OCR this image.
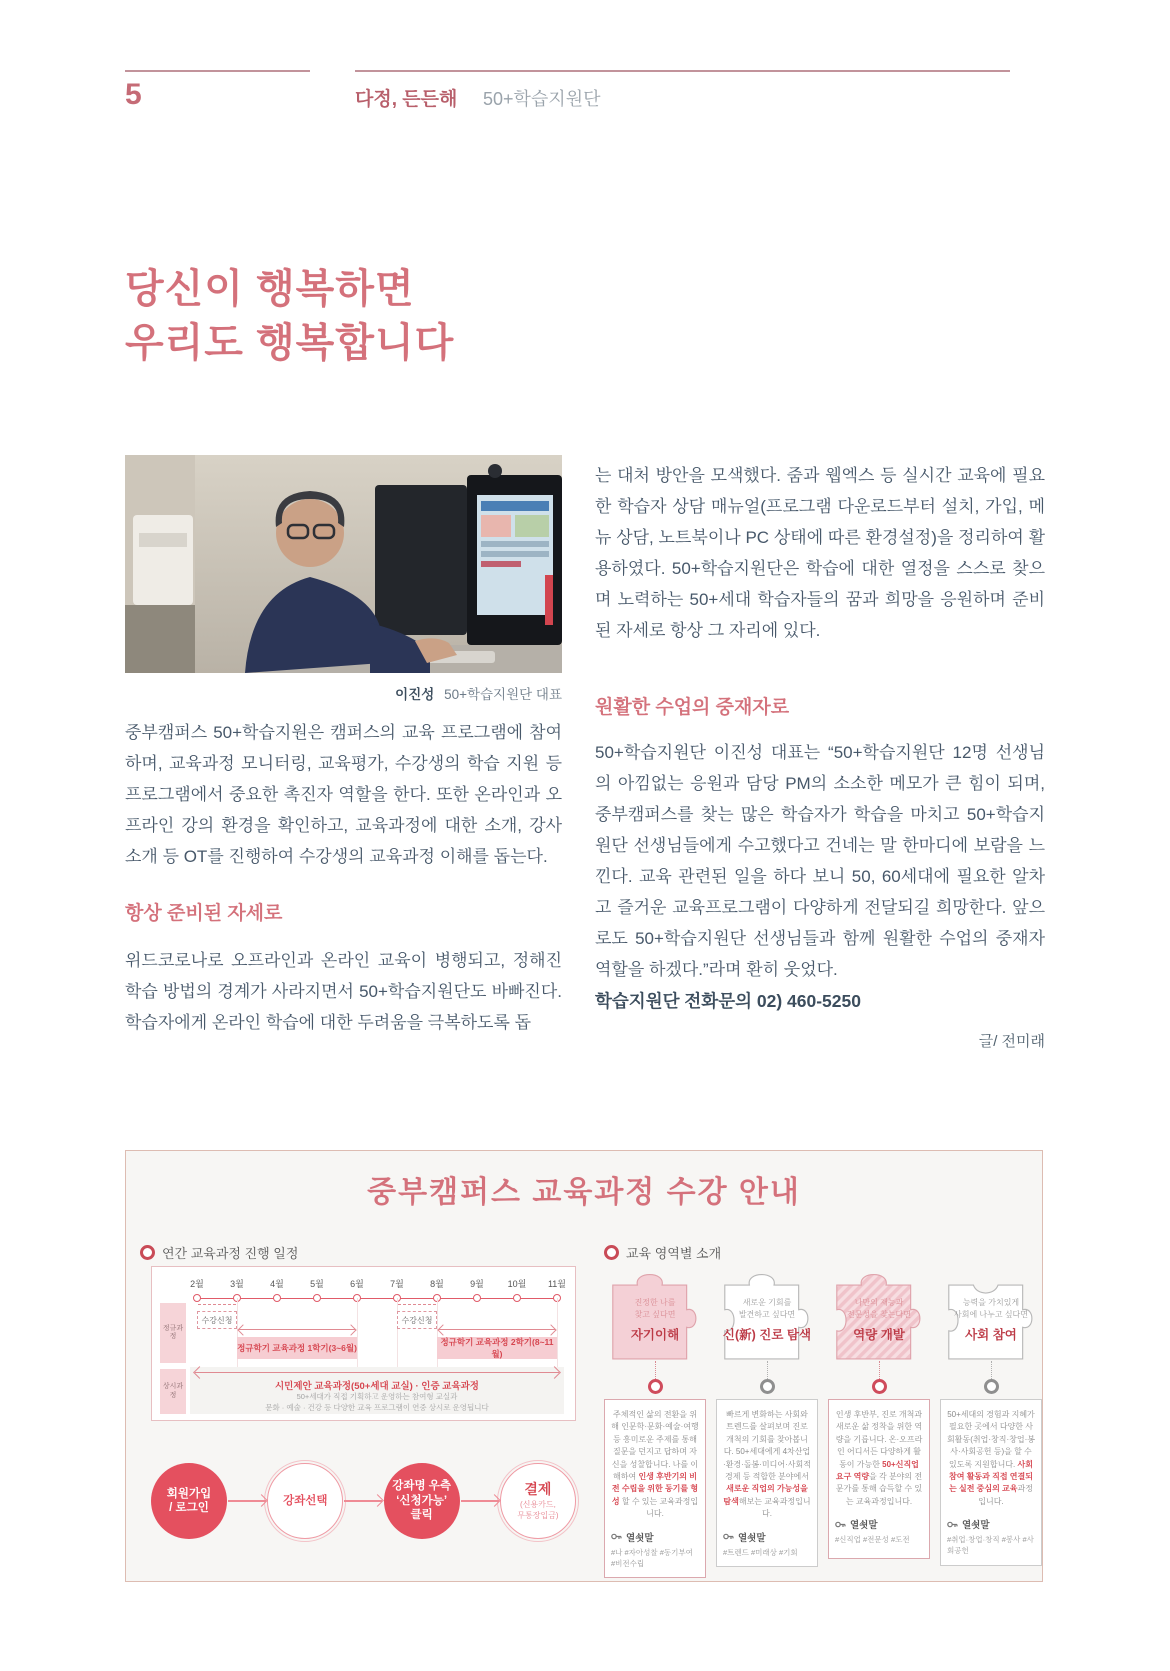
5	다정, 든든해 50+학습지원단
당신이 행복하면
우리도 행복합니다
이진성 50+학습지원단 대표

중부캠퍼스 50+학습지원은 캠퍼스의 교육 프로그램에 참여하며, 교육과정 모니터링, 교육평가, 수강생의 학습 지원 등 프로그램에서 중요한 촉진자 역할을 한다. 또한 온라인과 오프라인 강의 환경을 확인하고, 교육과정에 대한 소개, 강사 소개 등 OT를 진행하여 수강생의 교육과정 이해를 돕는다.

항상 준비된 자세로

위드코로나로 오프라인과 온라인 교육이 병행되고, 정해진 학습 방법의 경계가 사라지면서 50+학습지원단도 바빠진다. 학습자에게 온라인 학습에 대한 두려움을 극복하도록 돕

는 대처 방안을 모색했다. 줌과 웹엑스 등 실시간 교육에 필요한 학습자 상담 매뉴얼(프로그램 다운로드부터 설치, 가입, 메뉴 상담, 노트북이나 PC 상태에 따른 환경설정)을 정리하여 활용하였다. 50+학습지원단은 학습에 대한 열정을 스스로 찾으며 노력하는 50+세대 학습자들의 꿈과 희망을 응원하며 준비된 자세로 항상 그 자리에 있다.

원활한 수업의 중재자로

50+학습지원단 이진성 대표는 “50+학습지원단 12명 선생님의 아낌없는 응원과 담당 PM의 소소한 메모가 큰 힘이 되며, 중부캠퍼스를 찾는 많은 학습자가 학습을 마치고 50+학습지원단 선생님들에게 수고했다고 건네는 말 한마디에 보람을 느낀다. 교육 관련된 일을 하다 보니 50, 60세대에 필요한 알차고 즐거운 교육프로그램이 다양하게 전달되길 희망한다. 앞으로도 50+학습지원단 선생님들과 함께 원활한 수업의 중재자 역할을 하겠다.”라며 환히 웃었다.

학습지원단 전화문의 02) 460-5250
글/ 전미래
중부캠퍼스 교육과정 수강 안내
연간 교육과정 진행 일정	교육 영역별 소개
2월	3월	4월	5월	6월	7월	8월	9월	10월	11월
정규과정
상시과정
수강신청
정규학기 교육과정 1학기(3~6월)
수강신청
정규학기 교육과정 2학기(8~11월)
시민제안 교육과정(50+세대 교실) · 인증 교육과정
50+세대가 직접 기획하고 운영하는 참여형 교실과
문화 · 예술 · 건강 등 다양한 교육 프로그램이 연중 상시로 운영됩니다
회원가입
/ 로그인
강좌선택
강좌명 우측
‘신청가능’
클릭
결제
(신용카드,
무통장입금)
진정한 나를
찾고 싶다면
자기이해

주체적인 삶의 전환을 위해 인문학·문화·예술·여행 등 흥미로운 주제를 통해 질문을 던지고 답하며 자신을 성찰합니다. 나를 이해하여 인생 후반기의 비전 수립을 위한 동기를 형성 할 수 있는 교육과정입니다.

열쇳말
#나 #자아성찰 #동기부여 #비전수립
새로운 기회를
발견하고 싶다면
신(新) 진로 탐색

빠르게 변화하는 사회와 트렌드를 살펴보며 진로 개척의 기회를 찾아봅니다. 50+세대에게 4차산업·환경·돌봄·미디어·사회적경제 등 적합한 분야에서 새로운 직업의 가능성을 탐색해보는 교육과정입니다.

열쇳말
#트렌드 #미래상 #기회
나만의 재능과
전문성을 찾는다면
역량 개발

인생 후반부, 진로 개척과 새로운 삶 정착을 위한 역량을 기릅니다. 온·오프라인 어디서든 다양하게 활동이 가능한 50+신직업 요구 역량을 각 분야의 전문가를 통해 습득할 수 있는 교육과정입니다.

열쇳말
#신직업 #전문성 #도전
능력을 가치있게
사회에 나누고 싶다면
사회 참여

50+세대의 경험과 지혜가 필요한 곳에서 다양한 사회활동(취업·창직·창업·봉사·사회공헌 등)을 할 수 있도록 지원합니다. 사회참여 활동과 직접 연결되는 실전 중심의 교육과정입니다.

열쇳말
#취업·창업·창직 #봉사 #사회공헌
